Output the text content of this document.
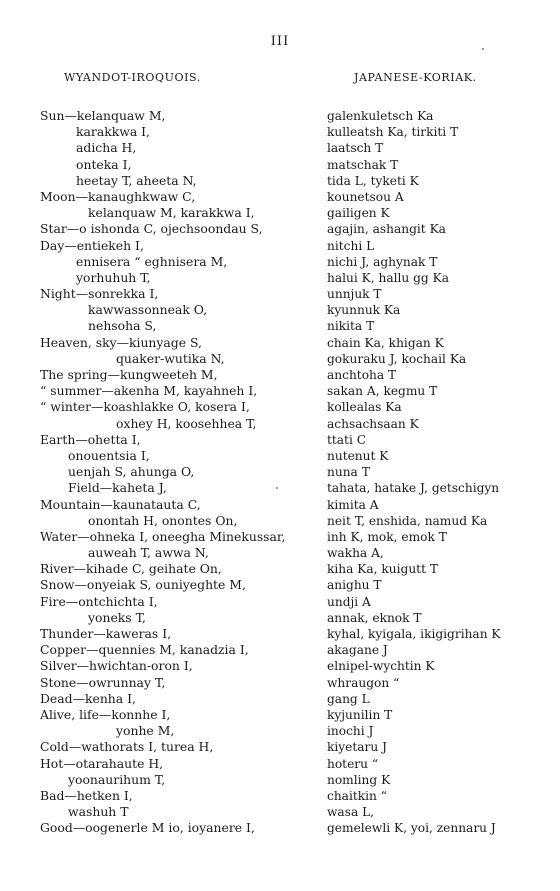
III
WYANDOT-IROQUOIS.	JAPANESE-KORIAK.
Sun—kelanquaw M,
karakkwa I,
adicha H,
onteka I,
heetay T, aheeta N,
Moon—kanaughkwaw C,
kelanquaw M, karakkwa I,
Star—o ishonda C, ojechsoondau S,
Day—entiekeh I,
ennisera “ eghnisera M,
yorhuhuh T,
Night—sonrekka I,
kawwassonneak O,
nehsoha S,
Heaven, sky—kiunyage S,
quaker-wutika N,
The spring—kungweeteh M,
“ summer—akenha M, kayahneh I,
“ winter—koashlakke O, kosera I,
oxhey H, koosehhea T,
Earth—ohetta I,
onouentsia I,
uenjah S, ahunga O,
Field—kaheta J,
Mountain—kaunatauta C,
onontah H, onontes On,
Water—ohneka I, oneegha Minekussar,
auweah T, awwa N,
River—kihade C, geihate On,
Snow—onyeiak S, ouniyeghte M,
Fire—ontchichta I,
yoneks T,
Thunder—kaweras I,
Copper—quennies M, kanadzia I,
Silver—hwichtan-oron I,
Stone—owrunnay T,
Dead—kenha I,
Alive, life—konnhe I,
yonhe M,
Cold—wathorats I, turea H,
Hot—otarahaute H,
yoonaurihum T,
Bad—hetken I,
washuh T
Good—oogenerle M io, ioyanere I,
galenkuletsch Ka
kulleatsh Ka, tirkiti T
laatsch T
matschak T
tida L, tyketi K
kounetsou A
gailigen K
agajin, ashangit Ka
nitchi L
nichi J, aghynak T
halui K, hallu gg Ka
unnjuk T
kyunnuk Ka
nikita T
chain Ka, khigan K
gokuraku J, kochail Ka
anchtoha T
sakan A, kegmu T
kollealas Ka
achsachsaan K
ttati C
nutenut K
nuna T
tahata, hatake J, getschigyn
kimita A
neit T, enshida, namud Ka
inh K, mok, emok T
wakha A,
kiha Ka, kuigutt T
anighu T
undji A
annak, eknok T
kyhal, kyigala, ikigigrihan K
akagane J
elnipel-wychtin K
whraugon “
gang L
kyjunilin T
inochi J
kiyetaru J
hoteru “
nomling K
chaitkin “
wasa L,
gemelewli K, yoi, zennaru J
